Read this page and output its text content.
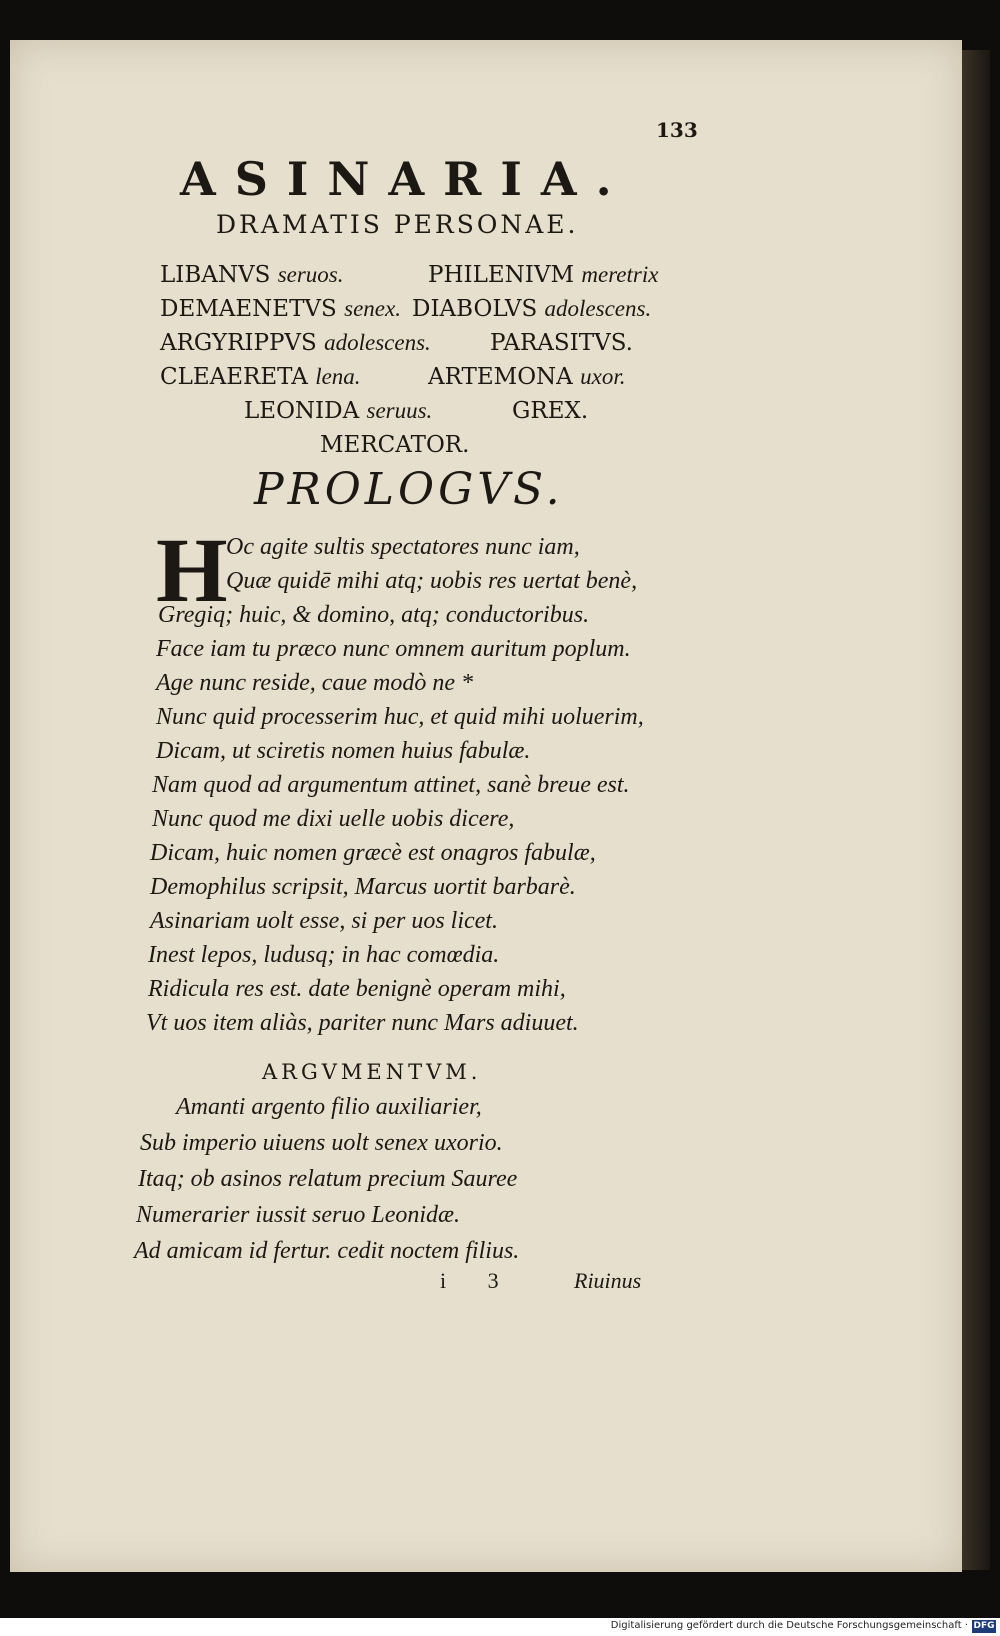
133
ASINARIA.
DRAMATIS PERSONAE.
LIBANVS seruos.	PHILENIVM meretrix
DEMAENETVS senex. DIABOLVS adolescens.
ARGYRIPPVS adolescens.	PARASITVS.
CLEAERETA lena.	ARTEMONA uxor.
LEONIDA seruus.	GREX.
MERCATOR.
PROLOGVS.
H
Oc agite sultis spectatores nunc iam,
Quæ quidē mihi atq; uobis res uertat benè,
Gregiq; huic, & domino, atq; conductoribus.
Face iam tu præco nunc omnem auritum poplum.
Age nunc reside, caue modò ne *
Nunc quid processerim huc, et quid mihi uoluerim,
Dicam, ut sciretis nomen huius fabulæ.
Nam quod ad argumentum attinet, sanè breue est.
Nunc quod me dixi uelle uobis dicere,
Dicam, huic nomen græcè est onagros fabulæ,
Demophilus scripsit, Marcus uortit barbarè.
Asinariam uolt esse, si per uos licet.
Inest lepos, ludusq; in hac comœdia.
Ridicula res est. date benignè operam mihi,
Vt uos item aliàs, pariter nunc Mars adiuuet.
ARGVMENTVM.
Amanti argento filio auxiliarier,
Sub imperio uiuens uolt senex uxorio.
Itaq; ob asinos relatum precium Sauree
Numerarier iussit seruo Leonidæ.
Ad amicam id fertur. cedit noctem filius.
i 3	Riuinus
Digitalisierung gefördert durch die Deutsche Forschungsgemeinschaft · DFG
